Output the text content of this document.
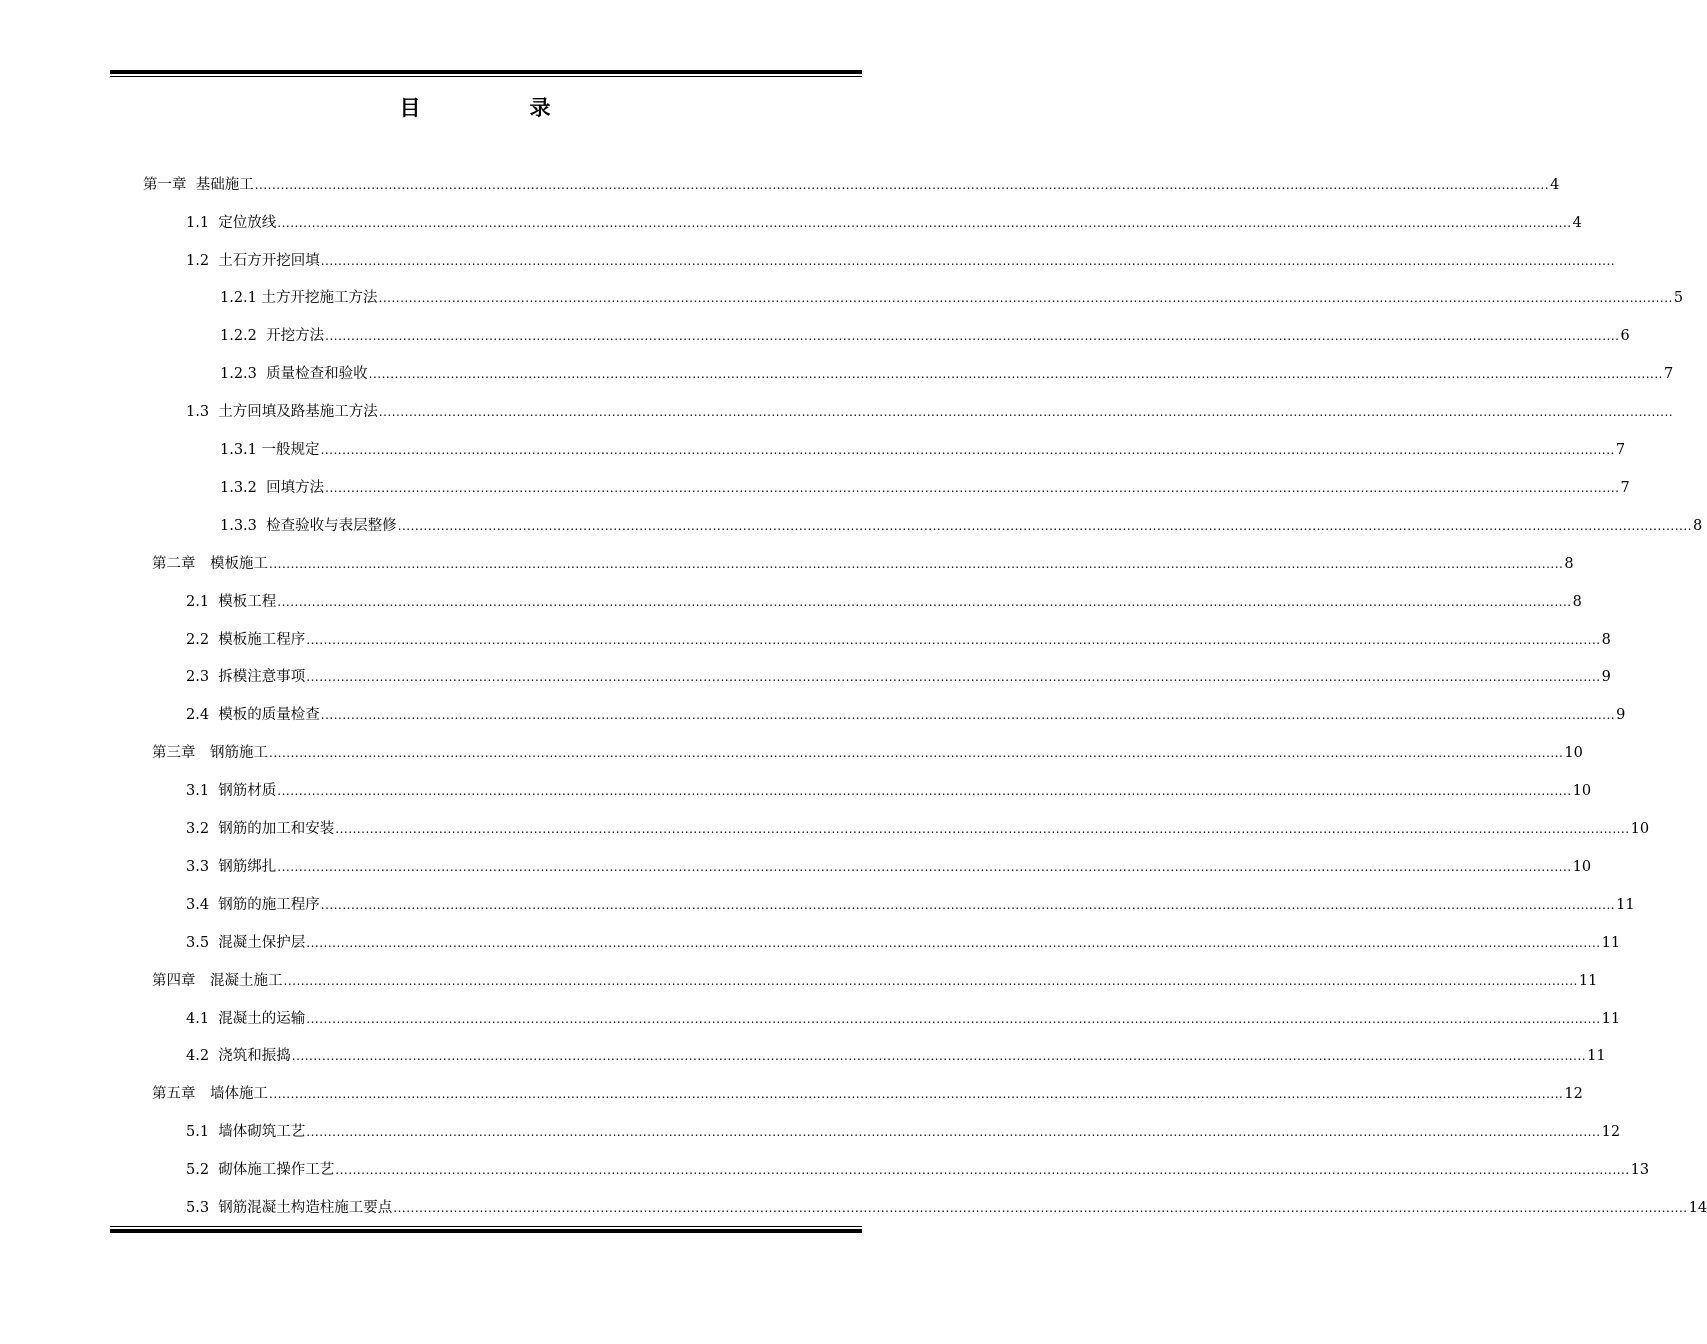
目　录
第一章  基础施工 ............................................................................................................................................................................................................................................................................................................ 4
1.1  定位放线 ............................................................................................................................................................................................................................................................................................................ 4
1.2  土石方开挖回填 ............................................................................................................................................................................................................................................................................................................
1.2.1 土方开挖施工方法 ............................................................................................................................................................................................................................................................................................................ 5
1.2.2  开挖方法 ............................................................................................................................................................................................................................................................................................................ 6
1.2.3  质量检查和验收 ............................................................................................................................................................................................................................................................................................................ 7
1.3  土方回填及路基施工方法 ............................................................................................................................................................................................................................................................................................................
1.3.1 一般规定 ............................................................................................................................................................................................................................................................................................................ 7
1.3.2  回填方法 ............................................................................................................................................................................................................................................................................................................ 7
1.3.3  检查验收与表层整修 ............................................................................................................................................................................................................................................................................................................ 8
第二章　模板施工 ............................................................................................................................................................................................................................................................................................................ 8
2.1  模板工程 ............................................................................................................................................................................................................................................................................................................ 8
2.2  模板施工程序 ............................................................................................................................................................................................................................................................................................................ 8
2.3  拆模注意事项 ............................................................................................................................................................................................................................................................................................................ 9
2.4  模板的质量检查 ............................................................................................................................................................................................................................................................................................................ 9
第三章　钢筋施工 ............................................................................................................................................................................................................................................................................................................ 10
3.1  钢筋材质 ............................................................................................................................................................................................................................................................................................................ 10
3.2  钢筋的加工和安装 ............................................................................................................................................................................................................................................................................................................ 10
3.3  钢筋绑扎 ............................................................................................................................................................................................................................................................................................................ 10
3.4  钢筋的施工程序 ............................................................................................................................................................................................................................................................................................................ 11
3.5  混凝土保护层 ............................................................................................................................................................................................................................................................................................................ 11
第四章　混凝土施工 ............................................................................................................................................................................................................................................................................................................ 11
4.1  混凝土的运输 ............................................................................................................................................................................................................................................................................................................ 11
4.2  浇筑和振捣 ............................................................................................................................................................................................................................................................................................................ 11
第五章　墙体施工 ............................................................................................................................................................................................................................................................................................................ 12
5.1  墙体砌筑工艺 ............................................................................................................................................................................................................................................................................................................ 12
5.2  砌体施工操作工艺 ............................................................................................................................................................................................................................................................................................................ 13
5.3  钢筋混凝土构造柱施工要点 ............................................................................................................................................................................................................................................................................................................ 14
